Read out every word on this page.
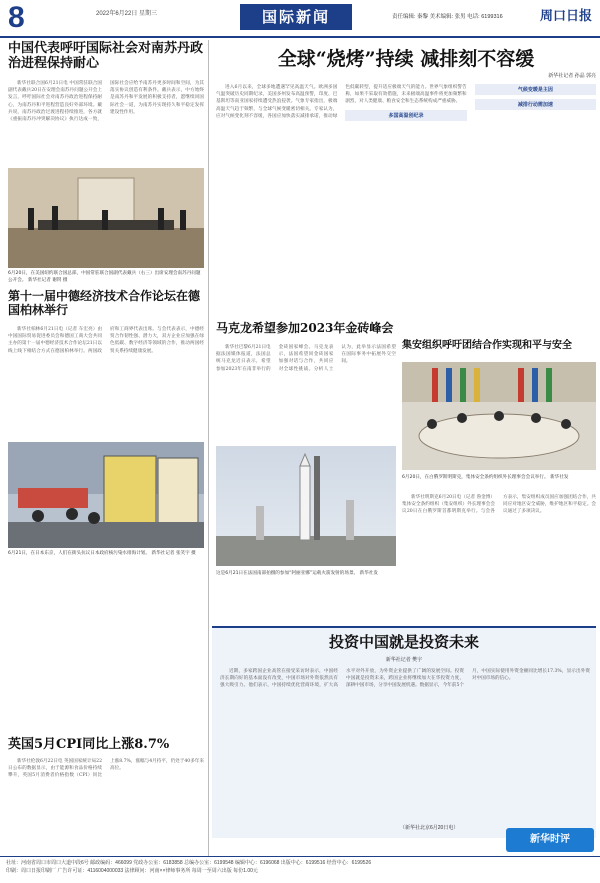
8	2022年6月22日 星期三	国际新闻	责任编辑: 秦黎 美术编辑: 张男 电话: 6199316	周口日报
中国代表呼吁国际社会对南苏丹政治进程保持耐心
新华社联合国6月21日电 中国常驻联合国副代表戴兵20日在安理会南苏丹问题公开会上发言，呼吁国际社会对南苏丹政治进程保持耐心，为南苏丹和平进程营造良好外部环境。戴兵说，南苏丹政治过渡进程持续推进，各方就《重振南苏丹冲突解决协议》执行达成一致，国际社会应给予南苏丹更多时间和空间，为其落实协议创造有利条件。戴兵表示，中方始终是南苏丹和平发展的积极支持者，愿继续同国际社会一道，为南苏丹实现持久和平稳定发挥建设性作用。
6月20日，在美国纽约联合国总部，中国常驻联合国副代表戴兵（右三）出席安理会南苏丹问题公开会。 新华社记者 谢锷 摄
第十一届中德经济技术合作论坛在德国柏林举行
新华社柏林6月21日电（记者 车宏亮）由中国国际贸易促进委员会和德国工商大会共同主办的第十一届中德经济技术合作论坛21日以线上线下相结合方式在德国柏林举行。两国政府和工商界代表出席。与会代表表示，中德经贸合作韧性强、潜力大，双方企业应加强在绿色低碳、数字经济等领域的合作，推动两国经贸关系持续健康发展。
6月21日，在日本东京，人们在街头抗议日本政府核污染水排海计划。 新华社记者 张笑宇 摄
英国5月CPI同比上涨8.7%
新华社伦敦6月22日电 英国国家统计局22日公布的数据显示，由于能源和食品价格持续攀升，英国5月消费者价格指数（CPI）同比上涨8.7%，涨幅与4月持平，仍处于40多年来高位。
全球“烧烤”持续 减排刻不容缓
新华社记者 孙晶 郭亮
进入6月以来，全球多地遭遇罕见高温天气。欧洲多国气温突破历史同期纪录，美国多州发布高温预警，印度、巴基斯坦等南亚国家持续遭受热浪侵袭。气象专家指出，极端高温天气趋于频繁，与全球气候变暖密切相关。专家认为，应对气候变化刻不容缓，各国应加快落实减排承诺，推动绿色低碳转型，提升适应极端天气的能力。世界气象组织警告称，如果不采取有效措施，未来极端高温事件将更加频繁和剧烈，对人类健康、粮食安全和生态系统构成严重威胁。
多国高温创纪录
气候变暖是主因
减排行动需加速
马克龙希望参加2023年金砖峰会
新华社巴黎6月21日电 据法国媒体报道，法国总统马克龙近日表示，希望参加2023年在南非举行的金砖国家峰会。马克龙表示，法国希望同金砖国家加强对话与合作，共同应对全球性挑战。分析人士认为，此举显示法国希望在国际事务中拓展外交空间。
这是6月21日在法国南部拍摄的参加“阿丽亚娜”运载火箭发射的场景。 新华社发
集安组织呼吁团结合作实现和平与安全
6月20日，在白俄罗斯明斯克，集体安全条约组织外长理事会会议举行。 新华社发
新华社明斯克6月20日电（记者 鲁金博）集体安全条约组织（集安组织）外长理事会会议20日在白俄罗斯首都明斯克举行。与会各方表示，集安组织成员国应加强团结合作，共同应对地区安全威胁，维护地区和平稳定。会议通过了多项决议。
投资中国就是投资未来
新华社记者 樊宇
近期，多家跨国企业高管在接受采访时表示，中国经济长期向好的基本面没有改变，中国市场对外资依然具有强大吸引力。他们表示，中国持续优化营商环境，扩大高水平对外开放，为外资企业提供了广阔的发展空间。投资中国就是投资未来，跨国企业将继续加大在华投资力度，深耕中国市场，分享中国发展机遇。数据显示，今年前5个月，中国实际使用外资金额同比增长17.3%，显示出外资对中国市场的信心。
（新华社北京6月20日电）
新华时评
社址：河南省周口市周口大道中段6号 邮政编码：466099 党政办公室：6183858 总编办公室：6199548 编辑中心：6196068 出版中心：6199516 经营中心：6199526
印刷：周口日报印刷厂 广告许可证：4116004000033 法律顾问：河南××律师事务所 每周一至周六出版 每份1.00元
